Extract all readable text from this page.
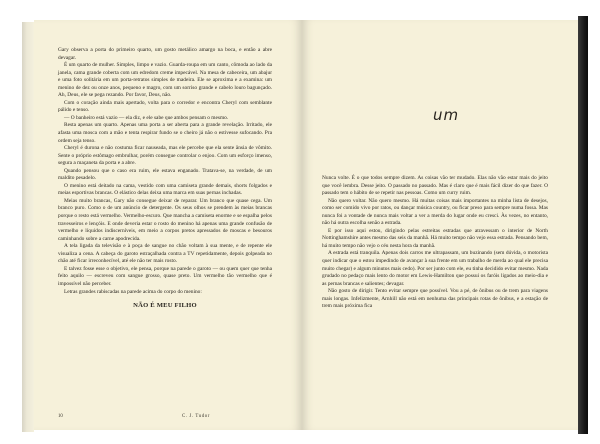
Gary observa a porta do primeiro quarto, um gosto metálico amargo na boca, e então a abre devagar.

É um quarto de mulher. Simples, limpo e vazio. Guarda-roupa em um canto, cômoda ao lado da janela, cama grande coberta com um edredom creme impecável. Na mesa de cabeceira, um abajur e uma foto solitária em um porta-retratos simples de madeira. Ele se aproxima e a examina: um menino de dez ou onze anos, pequeno e magro, com um sorriso grande e cabelo louro bagunçado. Ah, Deus, ele se pega rezando. Por favor, Deus, não.

Com o coração ainda mais apertado, volta para o corredor e encontra Cheryl com semblante pálido e tenso.

— O banheiro está vazio — ela diz, e ele sabe que ambos pensam o mesmo.

Resta apenas um quarto. Apenas uma porta a ser aberta para a grande revelação. Irritado, ele afasta uma mosca com a mão e tenta respirar fundo se o cheiro já não o estivesse sufocando. Pra ordem seja tenso.

Cheryl é durona e não costuma ficar nauseada, mas ele percebe que ela sente ânsia de vômito. Sente o próprio estômago embrulhar, porém consegue controlar o enjoo. Com um esforço imenso, segura a maçaneta da porta e a abre.

Quando pensou que o caso era ruim, ele estava enganado. Tratava-se, na verdade, de um maldito pesadelo.

O menino está deitado na cama, vestido com uma camiseta grande demais, shorts folgados e meias esportivas brancas. O elástico delas deixa uma marca em suas pernas inchadas.

Meias muito brancas, Gary não consegue deixar de reparar. Um branco que quase cega. Um branco puro. Como o de um anúncio de detergente. Os seus olhos se prendem às meias brancas porque o resto está vermelho. Vermelho-escuro. Que mancha a camiseta enorme e se espalha pelos travesseiros e lençóis. E onde deveria estar o rosto do menino há apenas uma grande confusão de vermelho e líquidos indiscerníveis, em meio a corpos pretos apressados de moscas e besouros caminhando sobre a carne apodrecida.

A tela ligada da televisão e à poça de sangue no chão voltam à sua mente, e de repente ele visualiza a cena. A cabeça do garoto estraçalhada contra a TV repetidamente, depois golpeada no chão até ficar irreconhecível, até ele não ter mais rosto.

E talvez fosse esse o objetivo, ele pensa, porque na parede o garoto — ou quem quer que tenha feito aquilo — escreveu com sangue grosso, quase preto. Um vermelho tão vermelho que é impossível não perceber.

Letras grandes rabiscadas na parede acima do corpo do menino:

NÃO É MEU FILHO

10	C. J. Tudor
um

Nunca volte. É o que todos sempre dizem. As coisas vão ter mudado. Elas não vão estar mais do jeito que você lembra. Desse jeito. O passado no passado. Mas é claro que é mais fácil dizer do que fazer. O passado tem o hábito de se repetir nas pessoas. Como um curry ruim.

Não quero voltar. Não quero mesmo. Há muitas coisas mais importantes na minha lista de desejos, como ser comido vivo por ratos, ou dançar música country, ou ficar preso para sempre numa fossa. Mas nunca foi a vontade de nunca mais voltar a ver a merda do lugar onde eu cresci. Às vezes, no entanto, não há outra escolha senão a estrada.

E por isso aqui estou, dirigindo pelas estreitas estradas que atravessam o interior de North Nottinghamshire antes mesmo das seis da manhã. Há muito tempo não vejo essa estrada. Pensando bem, há muito tempo não vejo o céu nesta hora da manhã.

A estrada está tranquila. Apenas dois carros me ultrapassam, um buzinando (sem dúvida, o motorista quer indicar que o estou impedindo de avançar à sua frente em um trabalho de merda ao qual ele precisa muito chegar) e algum minutos mais cedo). Por ser junto com ele, eu tinha decidido evitar mesmo. Nada grudado no pedaço mais lento do motor em Lewis-Hamilton que possui os faróis ligados ao meio-dia e as pernas brancas e salientes; devagar.

Não gosto de dirigir. Tento evitar sempre que possível. Vou a pé, de ônibus ou de trem para viagens mais longas. Infelizmente, Arnhill não está em nenhuma das principais rotas de ônibus, e a estação de trem mais próxima fica
